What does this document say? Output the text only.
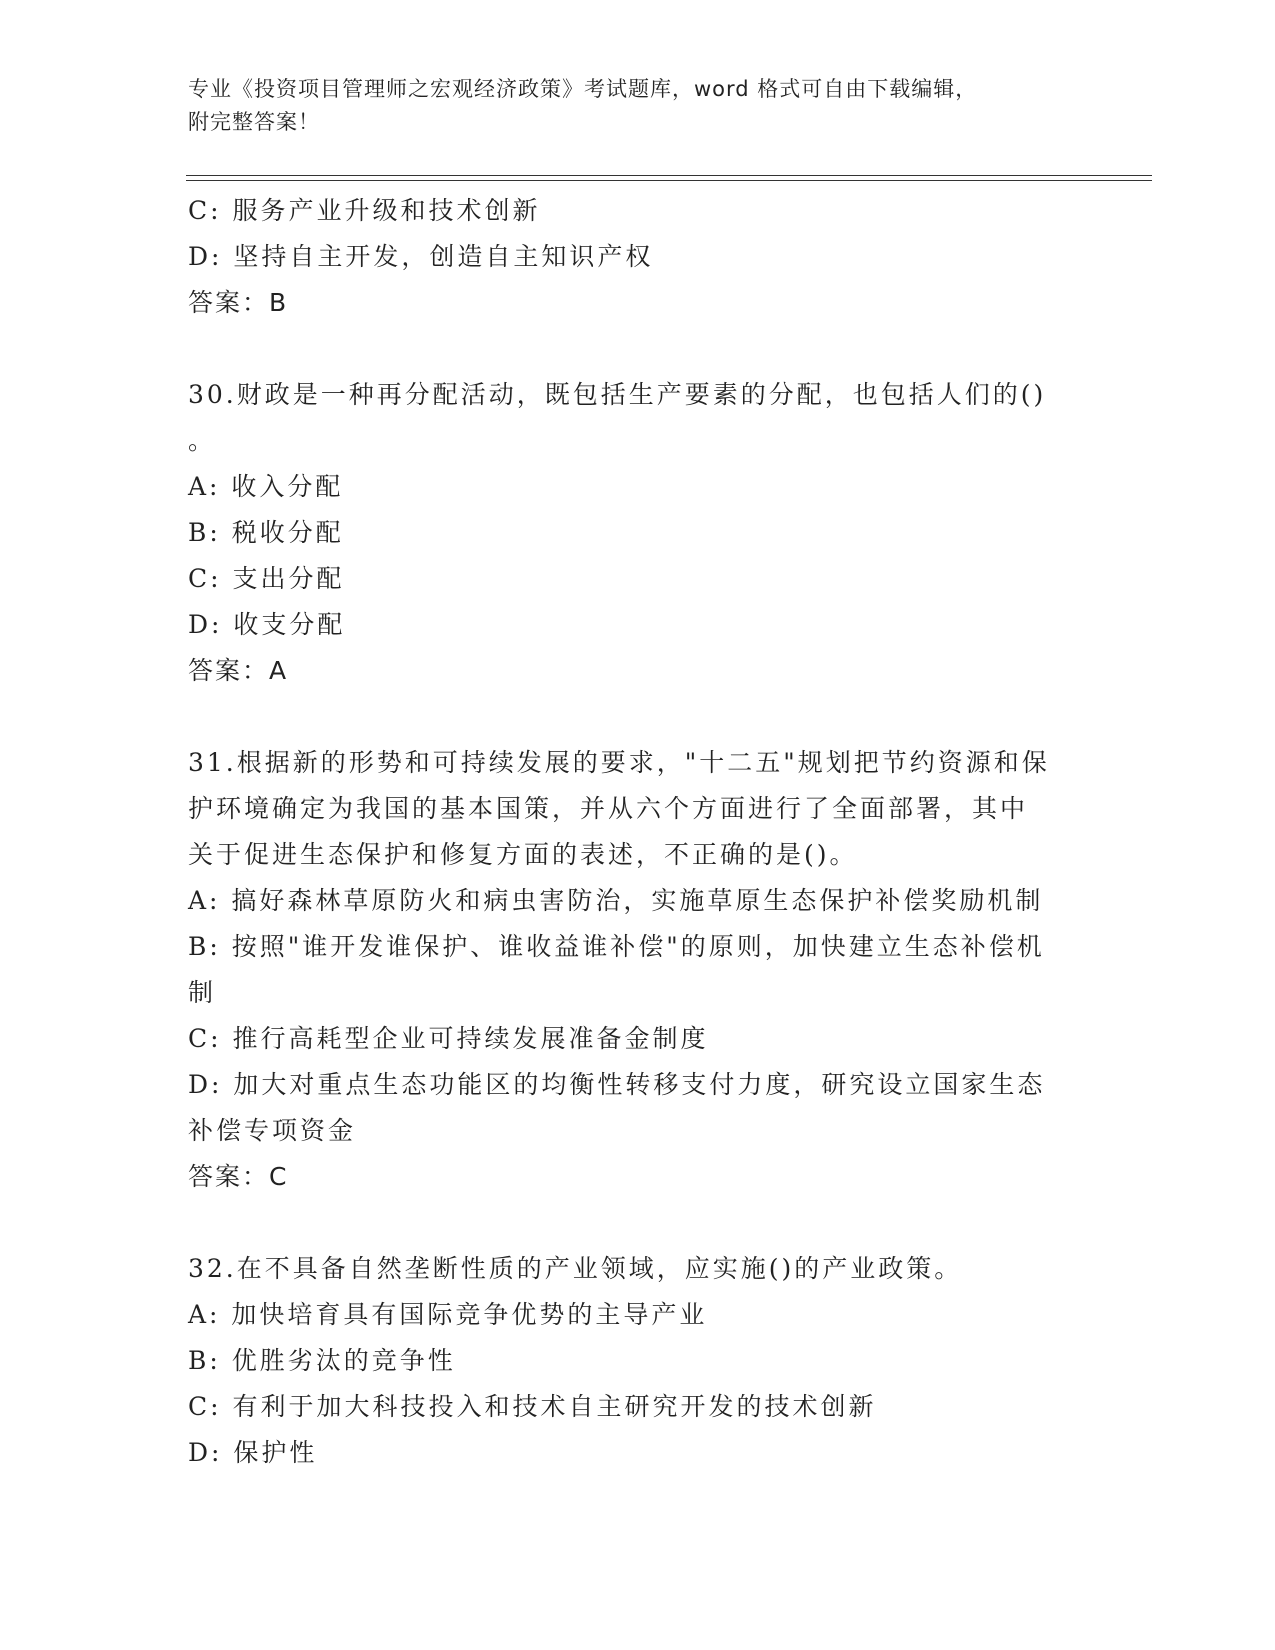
专业《投资项目管理师之宏观经济政策》考试题库，word 格式可自由下载编辑，
附完整答案！
C: 服务产业升级和技术创新
D: 坚持自主开发，创造自主知识产权
答案：B
30.财政是一种再分配活动，既包括生产要素的分配，也包括人们的()
。
A: 收入分配
B: 税收分配
C: 支出分配
D: 收支分配
答案：A
31.根据新的形势和可持续发展的要求，"十二五"规划把节约资源和保
护环境确定为我国的基本国策，并从六个方面进行了全面部署，其中
关于促进生态保护和修复方面的表述，不正确的是()。
A: 搞好森林草原防火和病虫害防治，实施草原生态保护补偿奖励机制
B: 按照"谁开发谁保护、谁收益谁补偿"的原则，加快建立生态补偿机
制
C: 推行高耗型企业可持续发展准备金制度
D: 加大对重点生态功能区的均衡性转移支付力度，研究设立国家生态
补偿专项资金
答案：C
32.在不具备自然垄断性质的产业领域，应实施()的产业政策。
A: 加快培育具有国际竞争优势的主导产业
B: 优胜劣汰的竞争性
C: 有利于加大科技投入和技术自主研究开发的技术创新
D: 保护性
